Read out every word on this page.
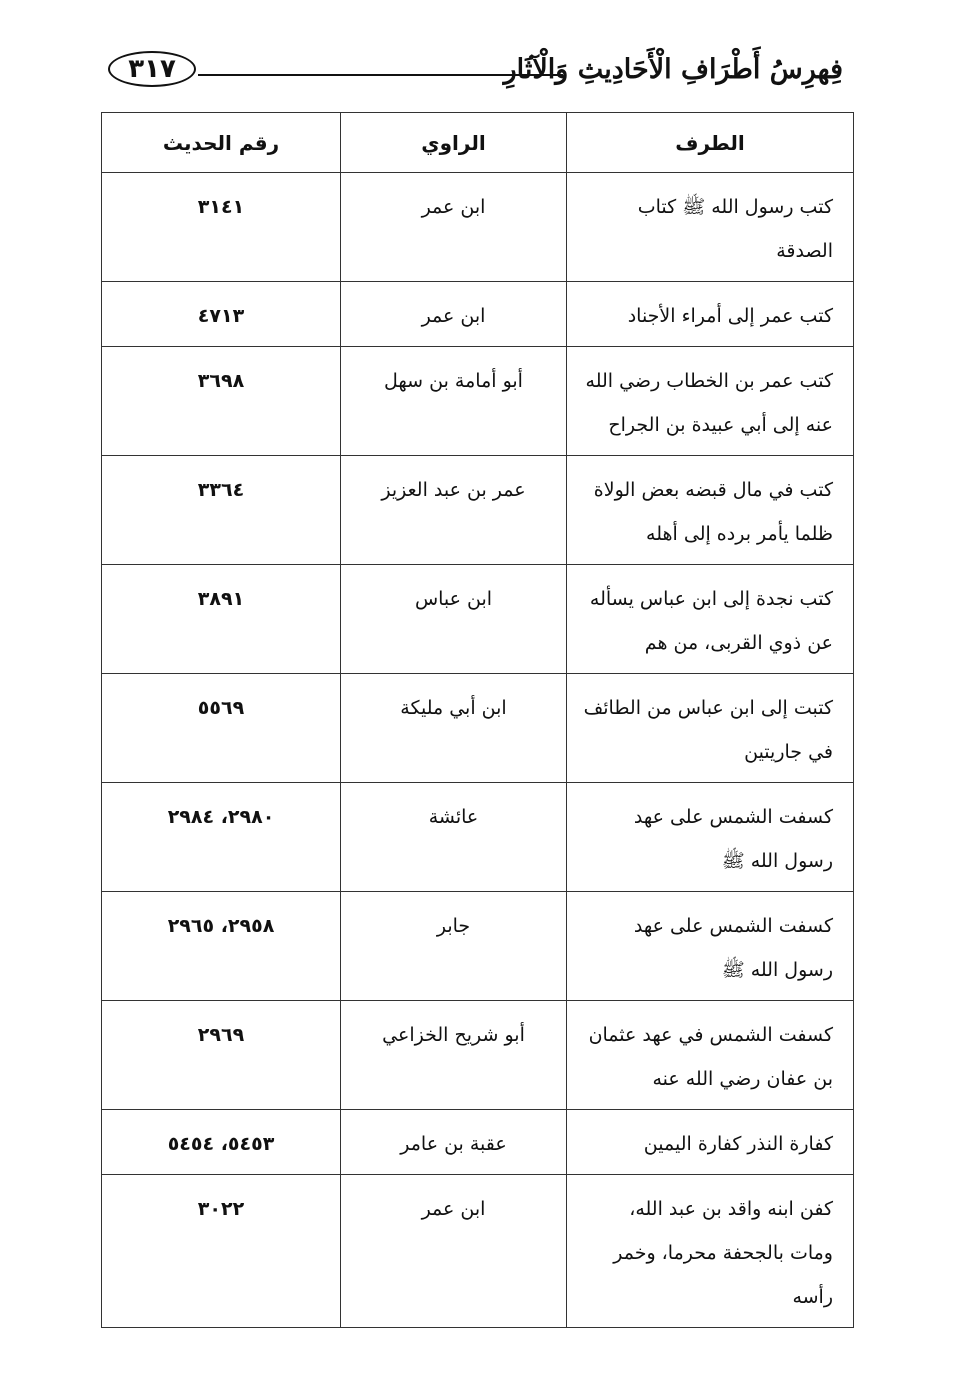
فِهرِسُ أَطْرَافِ الْأَحَادِيثِ وَالْآثَارِ
٣١٧
الطرف	الراوي	رقم الحديث
كتب رسول الله ﷺ كتاب الصدقة	ابن عمر	٣١٤١
كتب عمر إلى أمراء الأجناد	ابن عمر	٤٧١٣
كتب عمر بن الخطاب رضي الله عنه إلى أبي عبيدة بن الجراح	أبو أمامة بن سهل	٣٦٩٨
كتب في مال قبضه بعض الولاة ظلما يأمر برده إلى أهله	عمر بن عبد العزيز	٣٣٦٤
كتب نجدة إلى ابن عباس يسأله عن ذوي القربى، من هم	ابن عباس	٣٨٩١
كتبت إلى ابن عباس من الطائف في جاريتين	ابن أبي مليكة	٥٥٦٩
كسفت الشمس على عهد رسول الله ﷺ	عائشة	٢٩٨٠، ٢٩٨٤
كسفت الشمس على عهد رسول الله ﷺ	جابر	٢٩٥٨، ٢٩٦٥
كسفت الشمس في عهد عثمان بن عفان رضي الله عنه	أبو شريح الخزاعي	٢٩٦٩
كفارة النذر كفارة اليمين	عقبة بن عامر	٥٤٥٣، ٥٤٥٤
كفن ابنه واقد بن عبد الله، ومات بالجحفة محرما، وخمر رأسه	ابن عمر	٣٠٢٢
